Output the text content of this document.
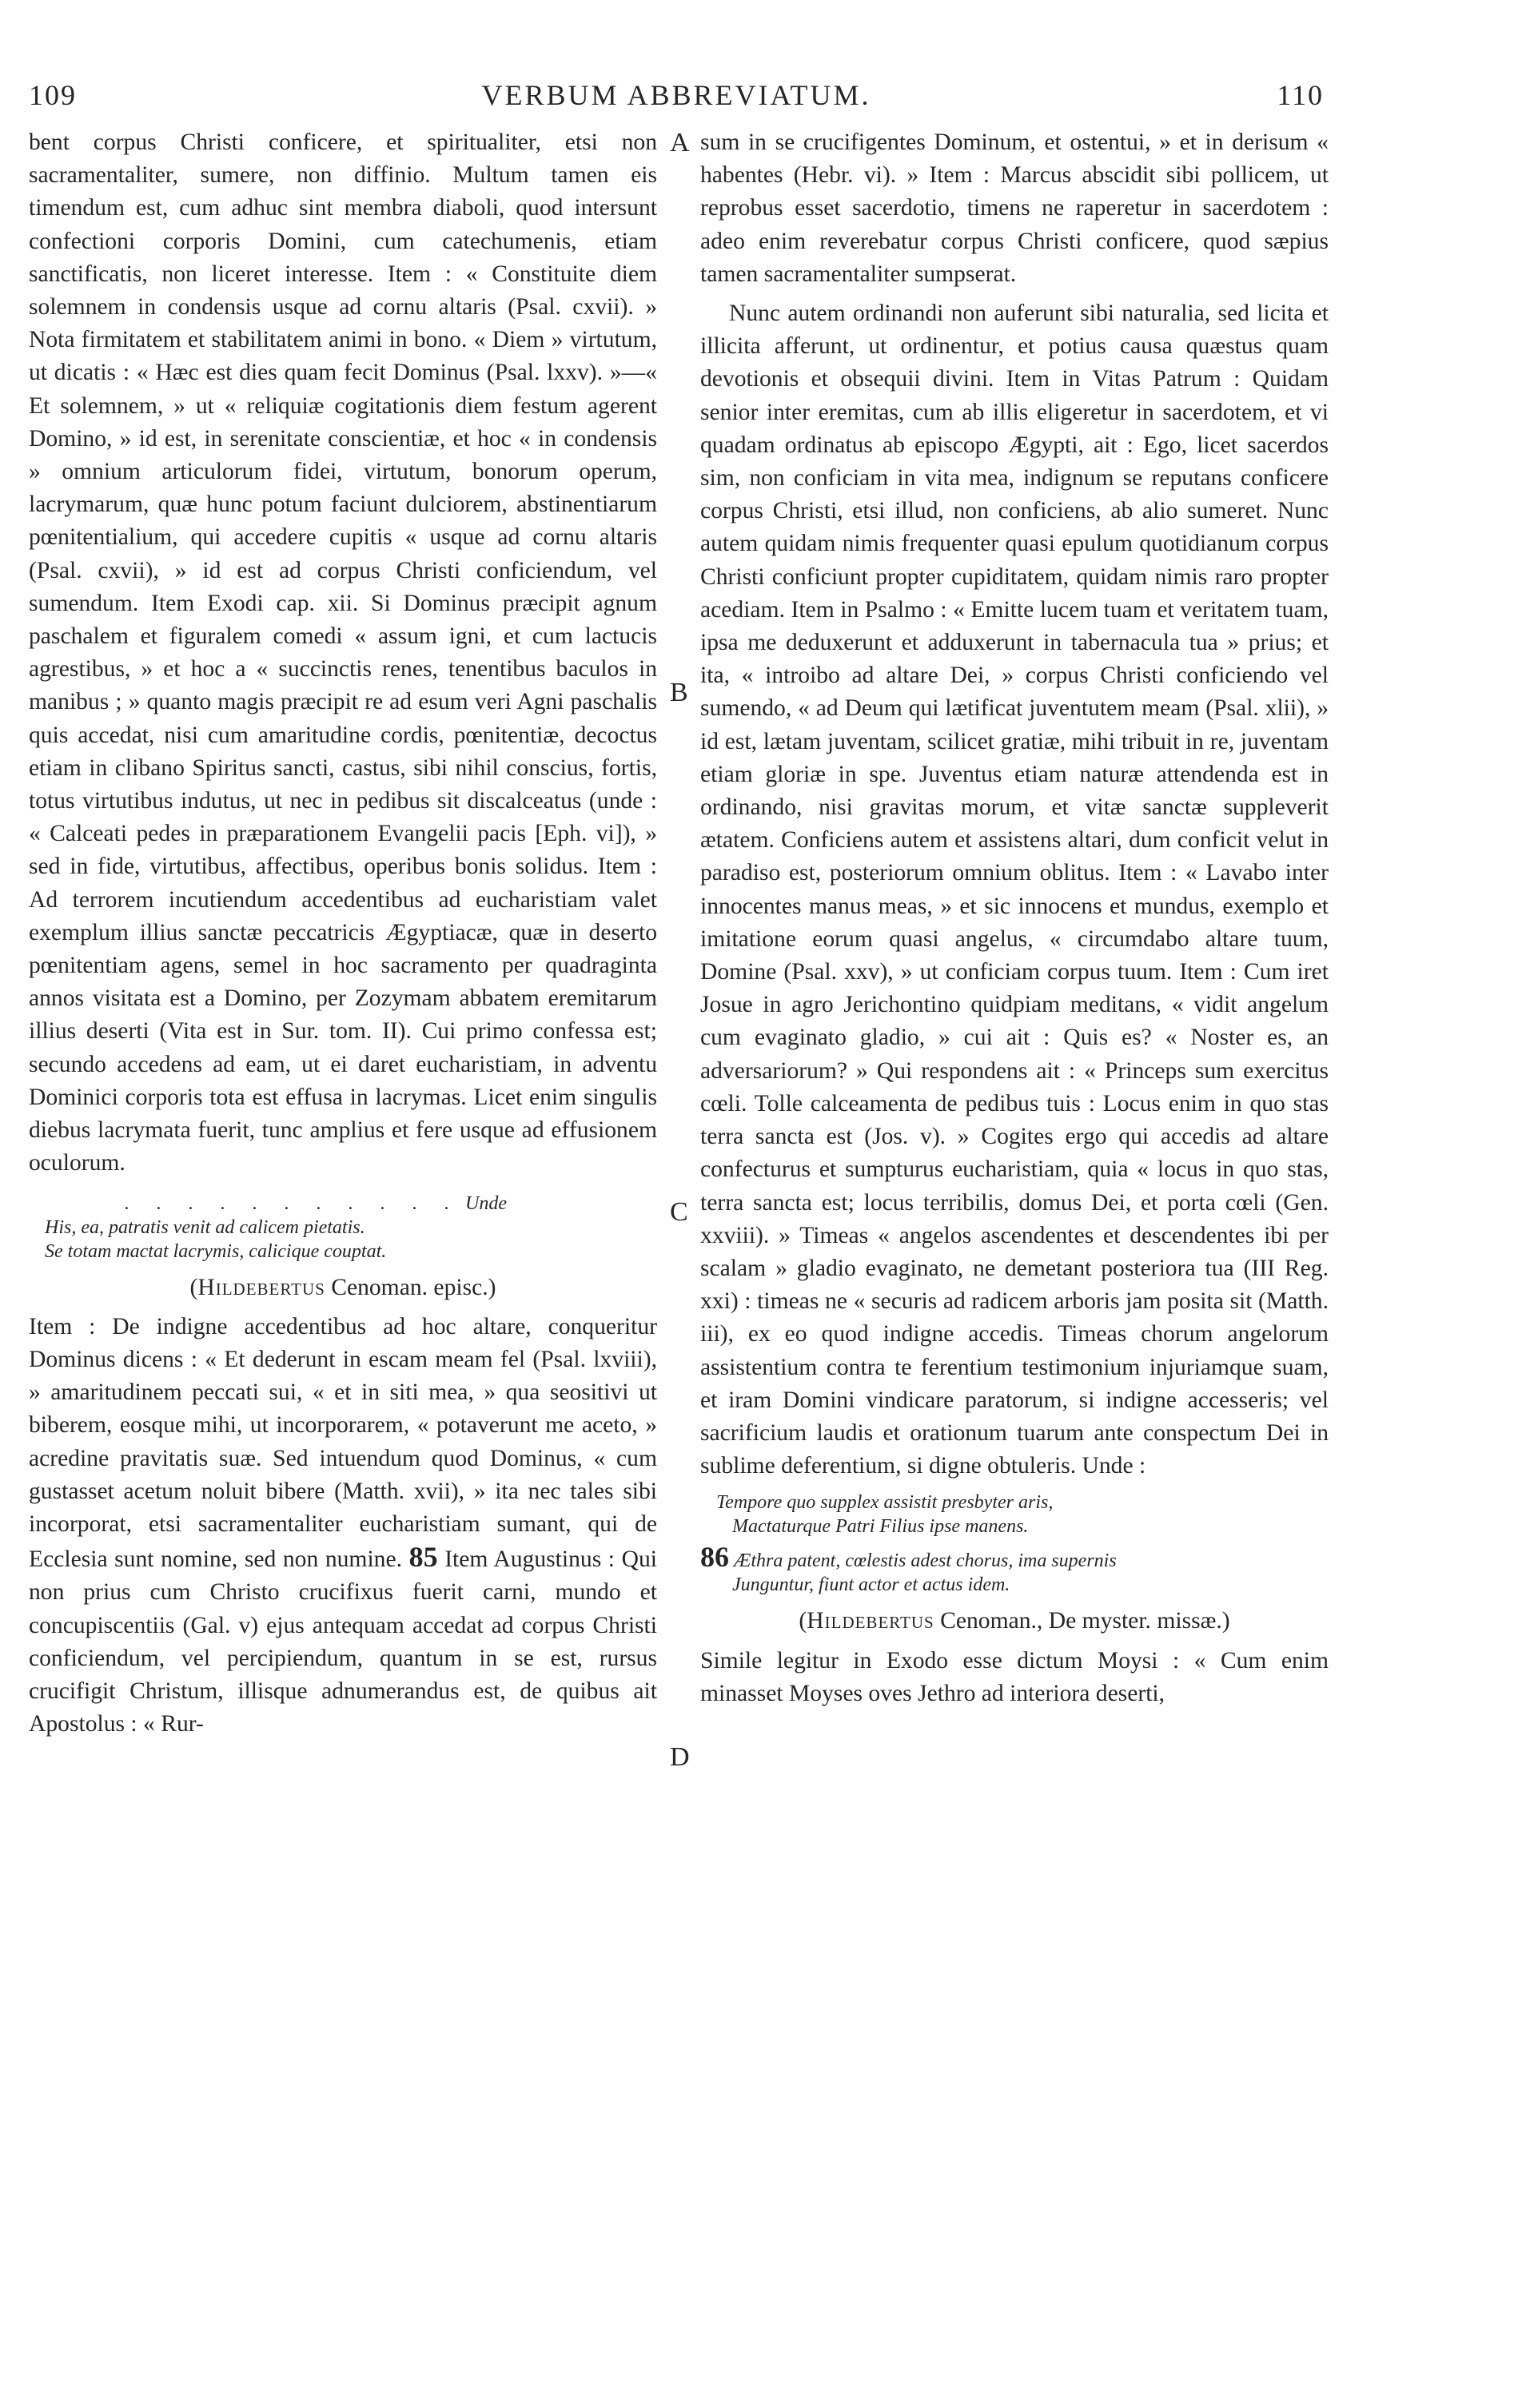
109	VERBUM ABBREVIATUM.	110
A
B
C
D

bent corpus Christi conficere, et spiritualiter, etsi non sacramentaliter, sumere, non diffinio. Multum tamen eis timendum est, cum adhuc sint membra diaboli, quod intersunt confectioni corporis Domini, cum catechumenis, etiam sanctificatis, non liceret interesse. Item : « Constituite diem solemnem in condensis usque ad cornu altaris (Psal. cxvii). » Nota firmitatem et stabilitatem animi in bono. « Diem » virtutum, ut dicatis : « Hæc est dies quam fecit Dominus (Psal. lxxv). »—« Et solemnem, » ut « reliquiæ cogitationis diem festum agerent Domino, » id est, in serenitate conscientiæ, et hoc « in condensis » omnium articulorum fidei, virtutum, bonorum operum, lacrymarum, quæ hunc potum faciunt dulciorem, abstinentiarum pœnitentialium, qui accedere cupitis « usque ad cornu altaris (Psal. cxvii), » id est ad corpus Christi conficiendum, vel sumendum. Item Exodi cap. xii. Si Dominus præcipit agnum paschalem et figuralem comedi « assum igni, et cum lactucis agrestibus, » et hoc a « succinctis renes, tenentibus baculos in manibus ; » quanto magis præcipit re ad esum veri Agni paschalis quis accedat, nisi cum amaritudine cordis, pœnitentiæ, decoctus etiam in clibano Spiritus sancti, castus, sibi nihil conscius, fortis, totus virtutibus indutus, ut nec in pedibus sit discalceatus (unde : « Calceati pedes in præparationem Evangelii pacis [Eph. vi]), » sed in fide, virtutibus, affectibus, operibus bonis solidus. Item : Ad terrorem incutiendum accedentibus ad eucharistiam valet exemplum illius sanctæ peccatricis Ægyptiacæ, quæ in deserto pœnitentiam agens, semel in hoc sacramento per quadraginta annos visitata est a Domino, per Zozymam abbatem eremitarum illius deserti (Vita est in Sur. tom. II). Cui primo confessa est; secundo accedens ad eam, ut ei daret eucharistiam, in adventu Dominici corporis tota est effusa in lacrymas. Licet enim singulis diebus lacrymata fuerit, tunc amplius et fere usque ad effusionem oculorum.

. . . . . . . . . . . Unde

His, ea, patratis venit ad calicem pietatis.

Se totam mactat lacrymis, calicique couptat.

(Hildebertus Cenoman. episc.)

Item : De indigne accedentibus ad hoc altare, conqueritur Dominus dicens : « Et dederunt in escam meam fel (Psal. lxviii), » amaritudinem peccati sui, « et in siti mea, » qua seositivi ut biberem, eosque mihi, ut incorporarem, « potaverunt me aceto, » acredine pravitatis suæ. Sed intuendum quod Dominus, « cum gustasset acetum noluit bibere (Matth. xvii), » ita nec tales sibi incorporat, etsi sacramentaliter eucharistiam sumant, qui de Ecclesia sunt nomine, sed non numine. 85 Item Augustinus : Qui non prius cum Christo crucifixus fuerit carni, mundo et concupiscentiis (Gal. v) ejus antequam accedat ad corpus Christi conficiendum, vel percipiendum, quantum in se est, rursus crucifigit Christum, illisque adnumerandus est, de quibus ait Apostolus : « Rur-

sum in se crucifigentes Dominum, et ostentui, » et in derisum « habentes (Hebr. vi). » Item : Marcus abscidit sibi pollicem, ut reprobus esset sacerdotio, timens ne raperetur in sacerdotem : adeo enim reverebatur corpus Christi conficere, quod sæpius tamen sacramentaliter sumpserat.

Nunc autem ordinandi non auferunt sibi naturalia, sed licita et illicita afferunt, ut ordinentur, et potius causa quæstus quam devotionis et obsequii divini. Item in Vitas Patrum : Quidam senior inter eremitas, cum ab illis eligeretur in sacerdotem, et vi quadam ordinatus ab episcopo Ægypti, ait : Ego, licet sacerdos sim, non conficiam in vita mea, indignum se reputans conficere corpus Christi, etsi illud, non conficiens, ab alio sumeret. Nunc autem quidam nimis frequenter quasi epulum quotidianum corpus Christi conficiunt propter cupiditatem, quidam nimis raro propter acediam. Item in Psalmo : « Emitte lucem tuam et veritatem tuam, ipsa me deduxerunt et adduxerunt in tabernacula tua » prius; et ita, « introibo ad altare Dei, » corpus Christi conficiendo vel sumendo, « ad Deum qui lætificat juventutem meam (Psal. xlii), » id est, lætam juventam, scilicet gratiæ, mihi tribuit in re, juventam etiam gloriæ in spe. Juventus etiam naturæ attendenda est in ordinando, nisi gravitas morum, et vitæ sanctæ suppleverit ætatem. Conficiens autem et assistens altari, dum conficit velut in paradiso est, posteriorum omnium oblitus. Item : « Lavabo inter innocentes manus meas, » et sic innocens et mundus, exemplo et imitatione eorum quasi angelus, « circumdabo altare tuum, Domine (Psal. xxv), » ut conficiam corpus tuum. Item : Cum iret Josue in agro Jerichontino quidpiam meditans, « vidit angelum cum evaginato gladio, » cui ait : Quis es? « Noster es, an adversariorum? » Qui respondens ait : « Princeps sum exercitus cœli. Tolle calceamenta de pedibus tuis : Locus enim in quo stas terra sancta est (Jos. v). » Cogites ergo qui accedis ad altare confecturus et sumpturus eucharistiam, quia « locus in quo stas, terra sancta est; locus terribilis, domus Dei, et porta cœli (Gen. xxviii). » Timeas « angelos ascendentes et descendentes ibi per scalam » gladio evaginato, ne demetant posteriora tua (III Reg. xxi) : timeas ne « securis ad radicem arboris jam posita sit (Matth. iii), ex eo quod indigne accedis. Timeas chorum angelorum assistentium contra te ferentium testimonium injuriamque suam, et iram Domini vindicare paratorum, si indigne accesseris; vel sacrificium laudis et orationum tuarum ante conspectum Dei in sublime deferentium, si digne obtuleris. Unde :

Tempore quo supplex assistit presbyter aris,

Mactaturque Patri Filius ipse manens.

86 Æthra patent, cœlestis adest chorus, ima supernis

Junguntur, fiunt actor et actus idem.

(Hildebertus Cenoman., De myster. missæ.)

Simile legitur in Exodo esse dictum Moysi : « Cum enim minasset Moyses oves Jethro ad interiora deserti,
